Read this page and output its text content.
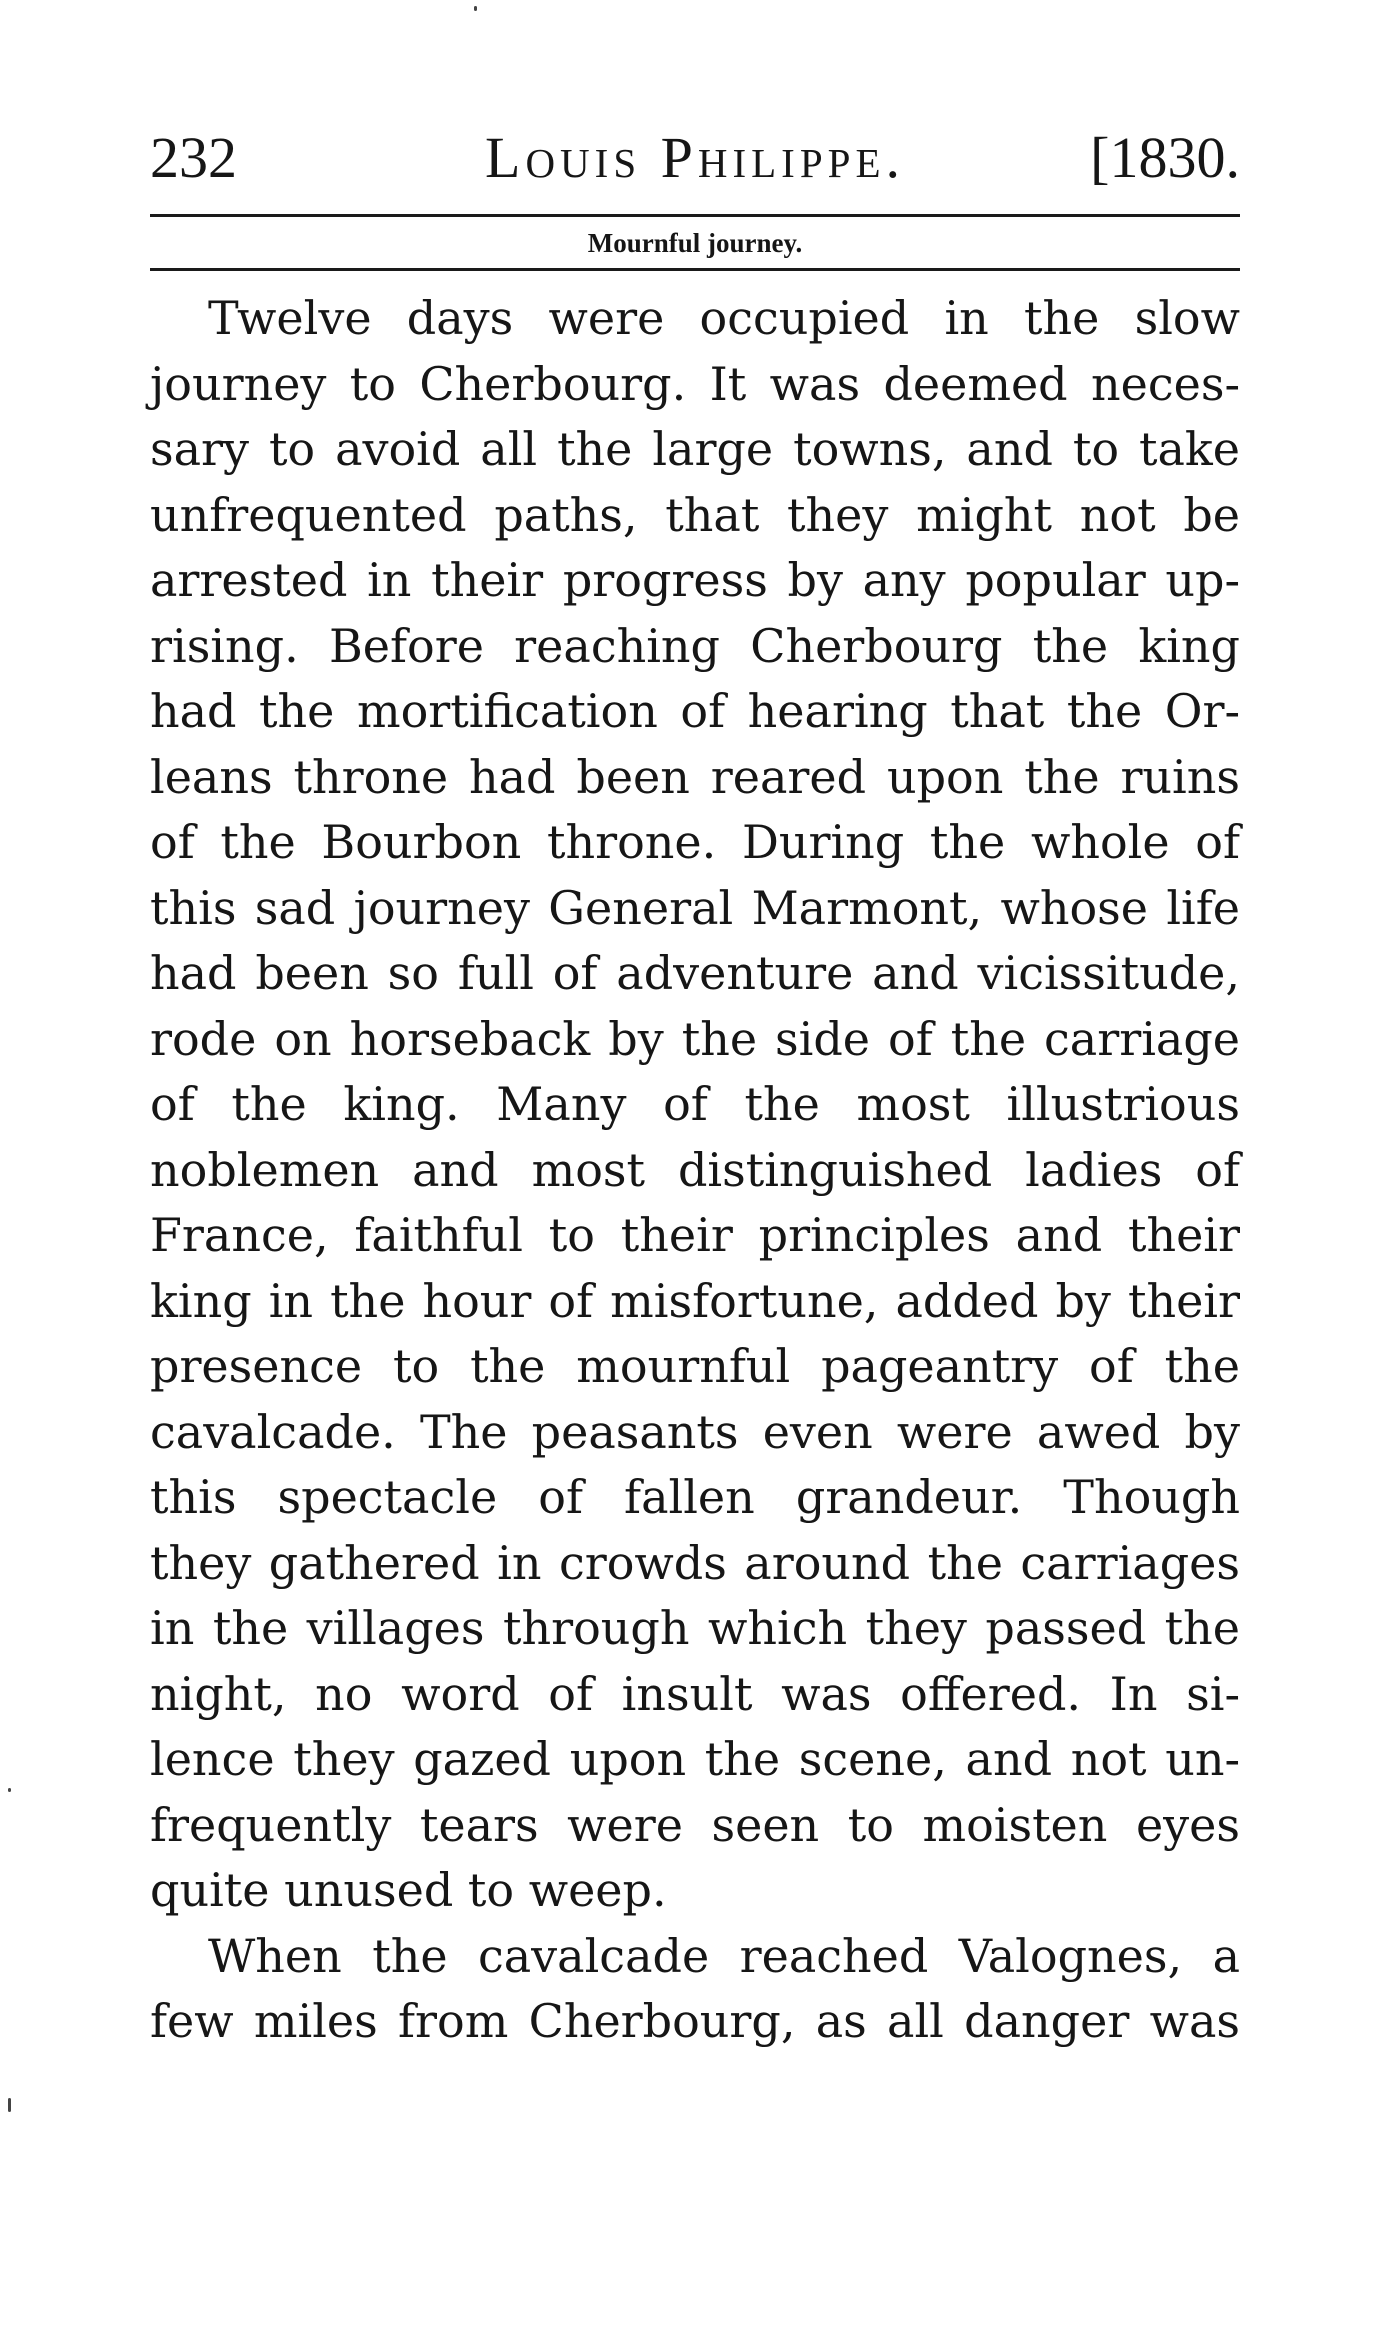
232	Louis Philippe.	[1830.
Mournful journey.
Twelve days were occupied in the slow
journey to Cherbourg. It was deemed neces-
sary to avoid all the large towns, and to take
unfrequented paths, that they might not be
arrested in their progress by any popular up-
rising. Before reaching Cherbourg the king
had the mortification of hearing that the Or-
leans throne had been reared upon the ruins
of the Bourbon throne. During the whole of
this sad journey General Marmont, whose life
had been so full of adventure and vicissitude,
rode on horseback by the side of the carriage
of the king. Many of the most illustrious
noblemen and most distinguished ladies of
France, faithful to their principles and their
king in the hour of misfortune, added by their
presence to the mournful pageantry of the
cavalcade. The peasants even were awed by
this spectacle of fallen grandeur. Though
they gathered in crowds around the carriages
in the villages through which they passed the
night, no word of insult was offered. In si-
lence they gazed upon the scene, and not un-
frequently tears were seen to moisten eyes
quite unused to weep.
When the cavalcade reached Valognes, a
few miles from Cherbourg, as all danger was
